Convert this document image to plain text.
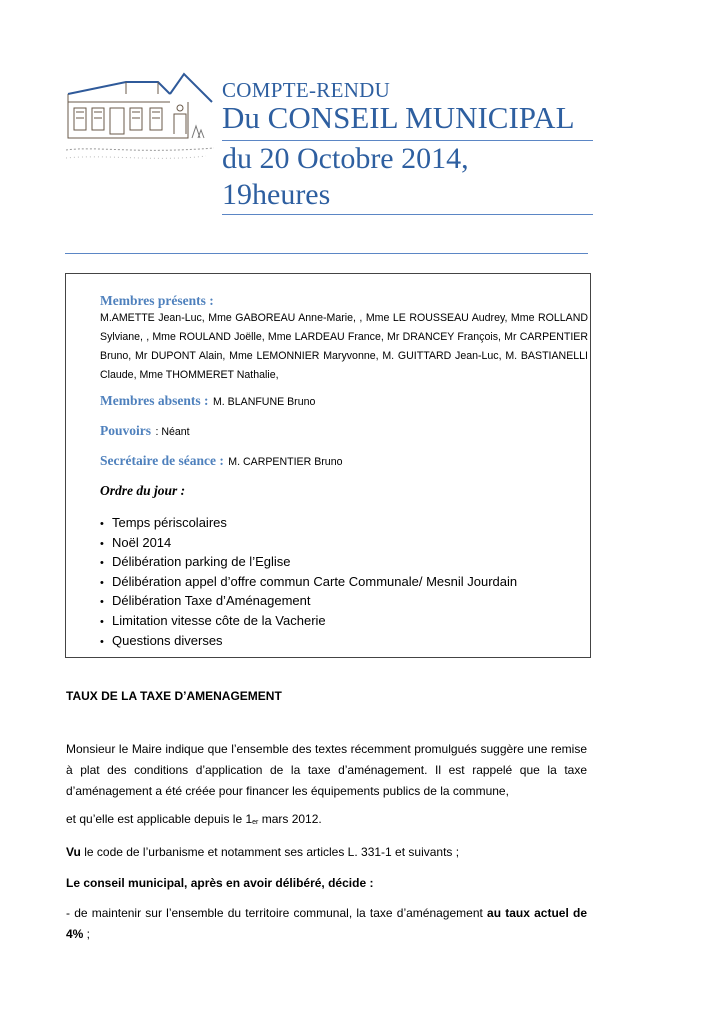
COMPTE-RENDU
Du CONSEIL MUNICIPAL
du 20 Octobre 2014,
19heures
Membres présents :
M.AMETTE Jean-Luc, Mme GABOREAU Anne-Marie, , Mme LE ROUSSEAU Audrey, Mme ROLLAND Sylviane, , Mme ROULAND Joëlle, Mme LARDEAU France, Mr DRANCEY François, Mr CARPENTIER Bruno, Mr DUPONT Alain, Mme LEMONNIER Maryvonne, M. GUITTARD Jean-Luc, M. BASTIANELLI Claude, Mme THOMMERET Nathalie,
Membres absents : M. BLANFUNE Bruno
Pouvoirs : Néant
Secrétaire de séance : M. CARPENTIER Bruno
Ordre du jour :
• Temps périscolaires
• Noël 2014
• Délibération parking de l’Eglise
• Délibération appel d’offre commun Carte Communale/ Mesnil Jourdain
• Délibération Taxe d’Aménagement
• Limitation vitesse côte de la Vacherie
• Questions diverses
TAUX DE LA TAXE D’AMENAGEMENT
Monsieur le Maire indique que l’ensemble des textes récemment promulgués suggère une remise à plat des conditions d’application de la taxe d’aménagement. Il est rappelé que la taxe d’aménagement a été créée pour financer les équipements publics de la commune,
et qu’elle est applicable depuis le $1_{er}$ mars 2012.
Vu le code de l’urbanisme et notamment ses articles L. 331-1 et suivants ;
Le conseil municipal, après en avoir délibéré, décide :
- de maintenir sur l’ensemble du territoire communal, la taxe d’aménagement au taux actuel de 4% ;
